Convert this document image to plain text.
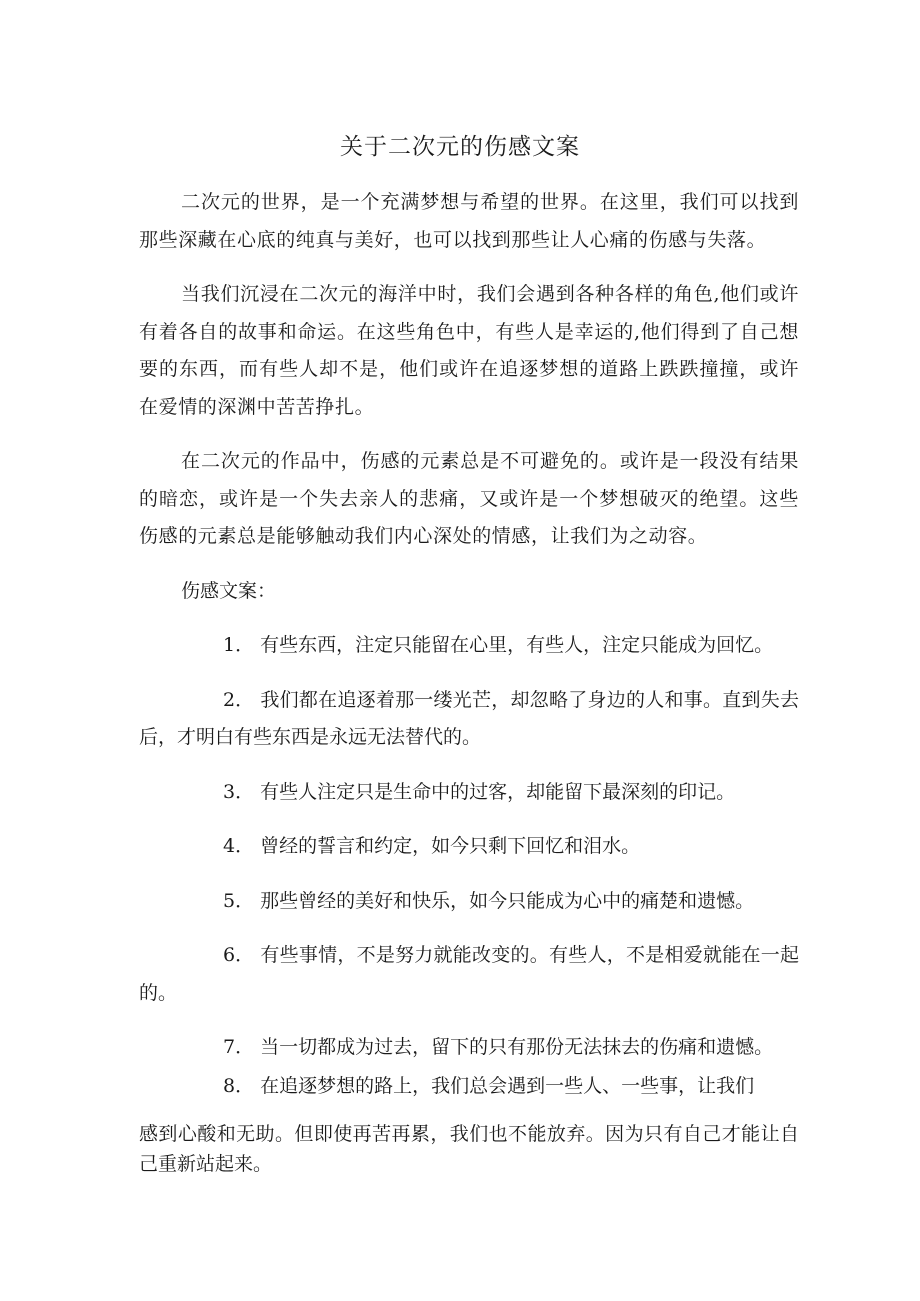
关于二次元的伤感文案

二次元的世界，是一个充满梦想与希望的世界。在这里，我们可以找到那些深藏在心底的纯真与美好，也可以找到那些让人心痛的伤感与失落。

当我们沉浸在二次元的海洋中时，我们会遇到各种各样的角色,他们或许有着各自的故事和命运。在这些角色中，有些人是幸运的,他们得到了自己想要的东西，而有些人却不是，他们或许在追逐梦想的道路上跌跌撞撞，或许在爱情的深渊中苦苦挣扎。

在二次元的作品中，伤感的元素总是不可避免的。或许是一段没有结果的暗恋，或许是一个失去亲人的悲痛，又或许是一个梦想破灭的绝望。这些伤感的元素总是能够触动我们内心深处的情感，让我们为之动容。

伤感文案：

1． 有些东西，注定只能留在心里，有些人，注定只能成为回忆。

2． 我们都在追逐着那一缕光芒，却忽略了身边的人和事。直到失去后，才明白有些东西是永远无法替代的。

3． 有些人注定只是生命中的过客，却能留下最深刻的印记。

4． 曾经的誓言和约定，如今只剩下回忆和泪水。

5． 那些曾经的美好和快乐，如今只能成为心中的痛楚和遗憾。

6． 有些事情，不是努力就能改变的。有些人，不是相爱就能在一起的。

7． 当一切都成为过去，留下的只有那份无法抹去的伤痛和遗憾。

8． 在追逐梦想的路上，我们总会遇到一些人、一些事，让我们
感到心酸和无助。但即使再苦再累，我们也不能放弃。因为只有自己才能让自己重新站起来。
